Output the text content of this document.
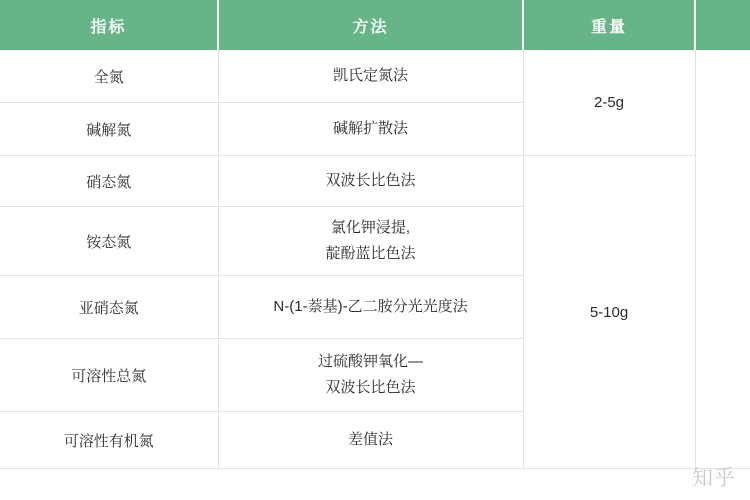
指标	方法	重量	
全氮	凯氏定氮法	2-5g	
碱解氮	碱解扩散法		

硝态氮	双波长比色法	5-10g	
铵态氮	氯化钾浸提,
靛酚蓝比色法		

亚硝态氮	N-(1-萘基)-乙二胺分光光度法		

可溶性总氮	过硫酸钾氧化—
双波长比色法		

可溶性有机氮	差值法		
知乎
